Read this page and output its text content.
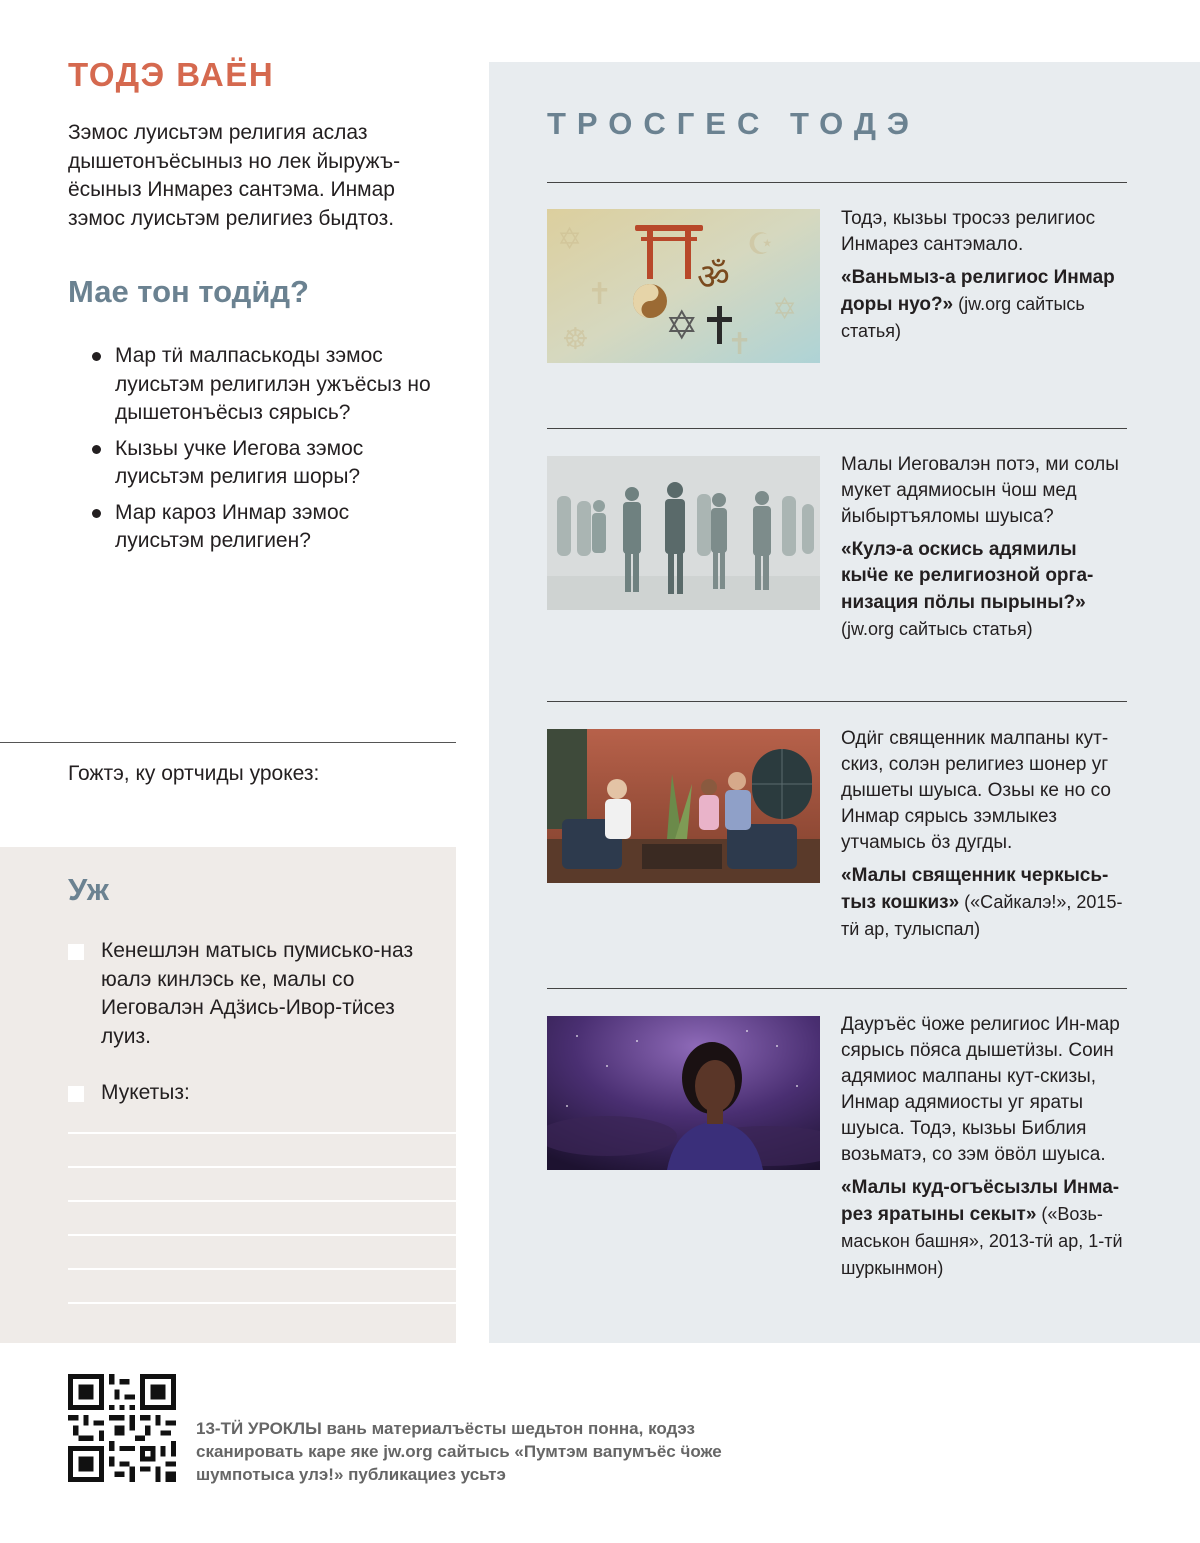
ТОДЭ ВАЁН

Зэмос луисьтэм религия аслаз дышетонъёсыныз но лек йыружъ-ёсыныз Инмарез сантэма. Инмар зэмос луисьтэм религиез быдтоз.

Мае тон тодӥд?
Мар тӥ малпаськоды зэмос луисьтэм религилэн ужъёсыз но дышетонъёсыз сярысь?
Кызьы учке Иегова зэмос луисьтэм религия шоры?
Мар кароз Инмар зэмос луисьтэм религиен?
Гожтэ, ку ортчиды урокез:
Уж
Кенешлэн матысь пумисько-наз юалэ кинлэсь ке, малы со Иеговалэн Адӟись-Ивор-тӥсез луиз.
Мукетыз:
ТРОСГЕС ТОДЭ
✡
✝
☸
☪
✡
✝
ॐ
✡

Тодэ, кызьы тросэз религиос Инмарез сантэмало.

«Ваньмыз-а религиос Инмар доры нуо?» (jw.org сайтысь статья)

Малы Иеговалэн потэ, ми солы мукет адямиосын ӵош мед йыбыртъяломы шуыса?

«Кулэ-а оскись адямилы кыӵе ке религиозной орга-низация пӧлы пырыны?» (jw.org сайтысь статья)

Одӥг священник малпаны кут-скиз, солэн религиез шонер уг дышеты шуыса. Озьы ке но со Инмар сярысь зэмлыкез утчамысь ӧз дугды.

«Малы священник черкысь-тыз кошкиз» («Сайкалэ!», 2015-тӥ ар, тулыспал)

Дауръёс ӵоже религиос Ин-мар сярысь пӧяса дышетӥзы. Соин адямиос малпаны кут-скизы, Инмар адямиосты уг яраты шуыса. Тодэ, кызьы Библия возьматэ, со зэм ӧвӧл шуыса.

«Малы куд-огъёсызлы Инма-рез яратыны секыт» («Возь-маськон башня», 2013-тӥ ар, 1-тӥ шуркынмон)

13-ТӤ УРОКЛЫ вань материалъёсты шедьтон понна, кодэз сканировать каре яке jw.org сайтысь «Пумтэм вапумъёс ӵоже шумпотыса улэ!» публикациез усьтэ
